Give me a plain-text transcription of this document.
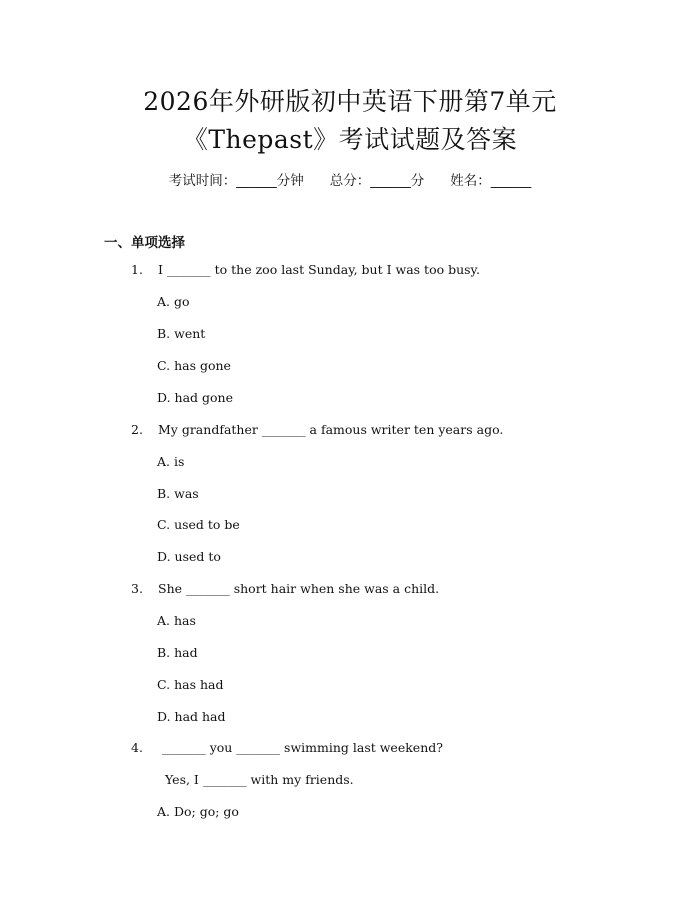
2026年外研版初中英语下册第7单元
《Thepast》考试试题及答案
考试时间：______分钟 总分：______分 姓名：______
一、单项选择
1. I _______ to the zoo last Sunday, but I was too busy.
A. go
B. went
C. has gone
D. had gone
2. My grandfather _______ a famous writer ten years ago.
A. is
B. was
C. used to be
D. used to
3. She _______ short hair when she was a child.
A. has
B. had
C. has had
D. had had
4. _______ you _______ swimming last weekend?
Yes, I _______ with my friends.
A. Do; go; go
